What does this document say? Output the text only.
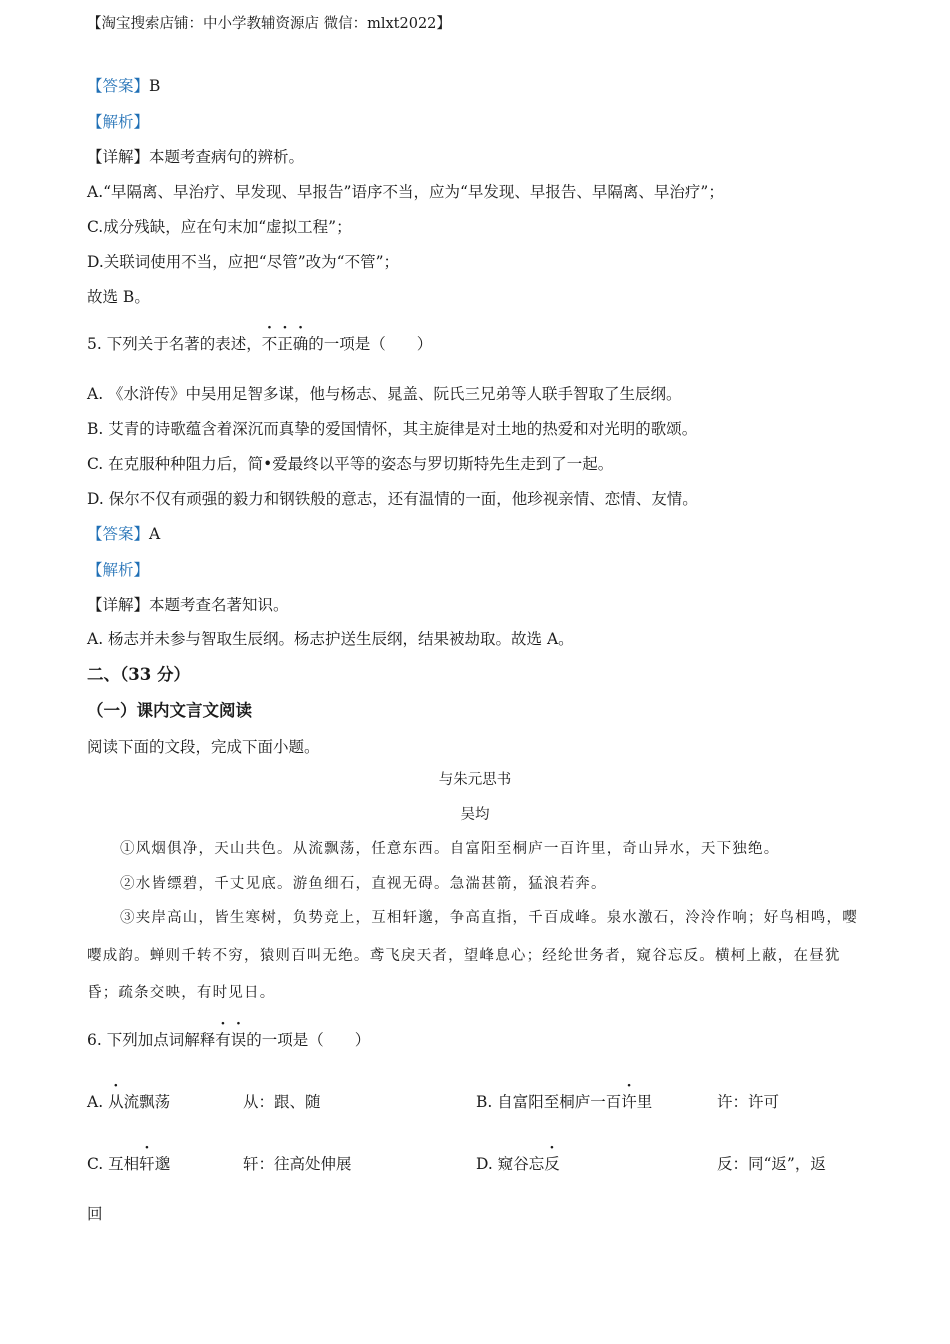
【淘宝搜索店铺：中小学教辅资源店 微信：mlxt2022】
【答案】B
【解析】
【详解】本题考查病句的辨析。
A.“早隔离、早治疗、早发现、早报告”语序不当，应为“早发现、早报告、早隔离、早治疗”；
C.成分残缺，应在句末加“虚拟工程”；
D.关联词使用不当，应把“尽管”改为“不管”；
故选 B。
5. 下列关于名著的表述，不正确的一项是（　　）
A. 《水浒传》中吴用足智多谋，他与杨志、晁盖、阮氏三兄弟等人联手智取了生辰纲。
B. 艾青的诗歌蕴含着深沉而真挚的爱国情怀，其主旋律是对土地的热爱和对光明的歌颂。
C. 在克服种种阻力后，简•爱最终以平等的姿态与罗切斯特先生走到了一起。
D. 保尔不仅有顽强的毅力和钢铁般的意志，还有温情的一面，他珍视亲情、恋情、友情。
【答案】A
【解析】
【详解】本题考查名著知识。
A. 杨志并未参与智取生辰纲。杨志护送生辰纲，结果被劫取。故选 A。
二、（33 分）
（一）课内文言文阅读
阅读下面的文段，完成下面小题。
与朱元思书
吴均
①风烟俱净，天山共色。从流飘荡，任意东西。自富阳至桐庐一百许里，奇山异水，天下独绝。
②水皆缥碧，千丈见底。游鱼细石，直视无碍。急湍甚箭，猛浪若奔。
③夹岸高山，皆生寒树，负势竞上，互相轩邈，争高直指，千百成峰。泉水激石，泠泠作响；好鸟相鸣，嘤嘤成韵。蝉则千转不穷，猿则百叫无绝。鸢飞戾天者，望峰息心；经纶世务者，窥谷忘反。横柯上蔽，在昼犹昏；疏条交映，有时见日。
6. 下列加点词解释有误的一项是（　　）
A. 从流飘荡	从：跟、随	B. 自富阳至桐庐一百许里	许：许可
C. 互相轩邈	轩：往高处伸展	D. 窥谷忘反	反：同“返”，返
回
